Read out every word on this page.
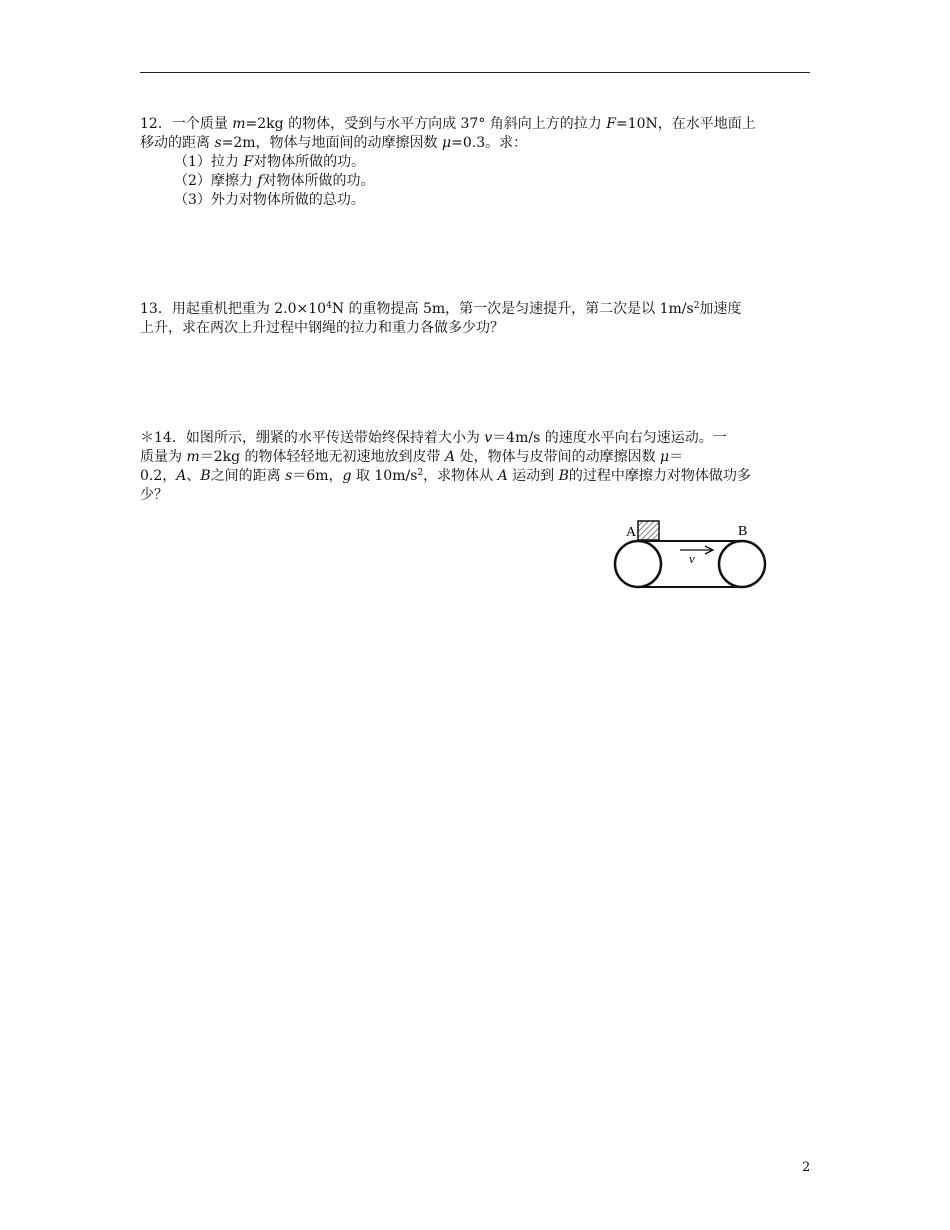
12．一个质量 m=2kg 的物体，受到与水平方向成 37° 角斜向上方的拉力 F=10N，在水平地面上
移动的距离 s=2m，物体与地面间的动摩擦因数 μ=0.3。求：
（1）拉力 F对物体所做的功。
（2）摩擦力 f对物体所做的功。
（3）外力对物体所做的总功。
13．用起重机把重为 $2.0\times 10^4N$ 的重物提高 5m，第一次是匀速提升，第二次是以 $1m/s^2$加速度
上升，求在两次上升过程中钢绳的拉力和重力各做多少功？
＊14．如图所示，绷紧的水平传送带始终保持着大小为 v＝4m/s 的速度水平向右匀速运动。一
质量为 m＝2kg 的物体轻轻地无初速地放到皮带 A 处，物体与皮带间的动摩擦因数 μ＝
0.2，A、B之间的距离 s＝6m，g 取 $10m/s^2$，求物体从 A 运动到 B的过程中摩擦力对物体做功多
少？
A	B
v
2
